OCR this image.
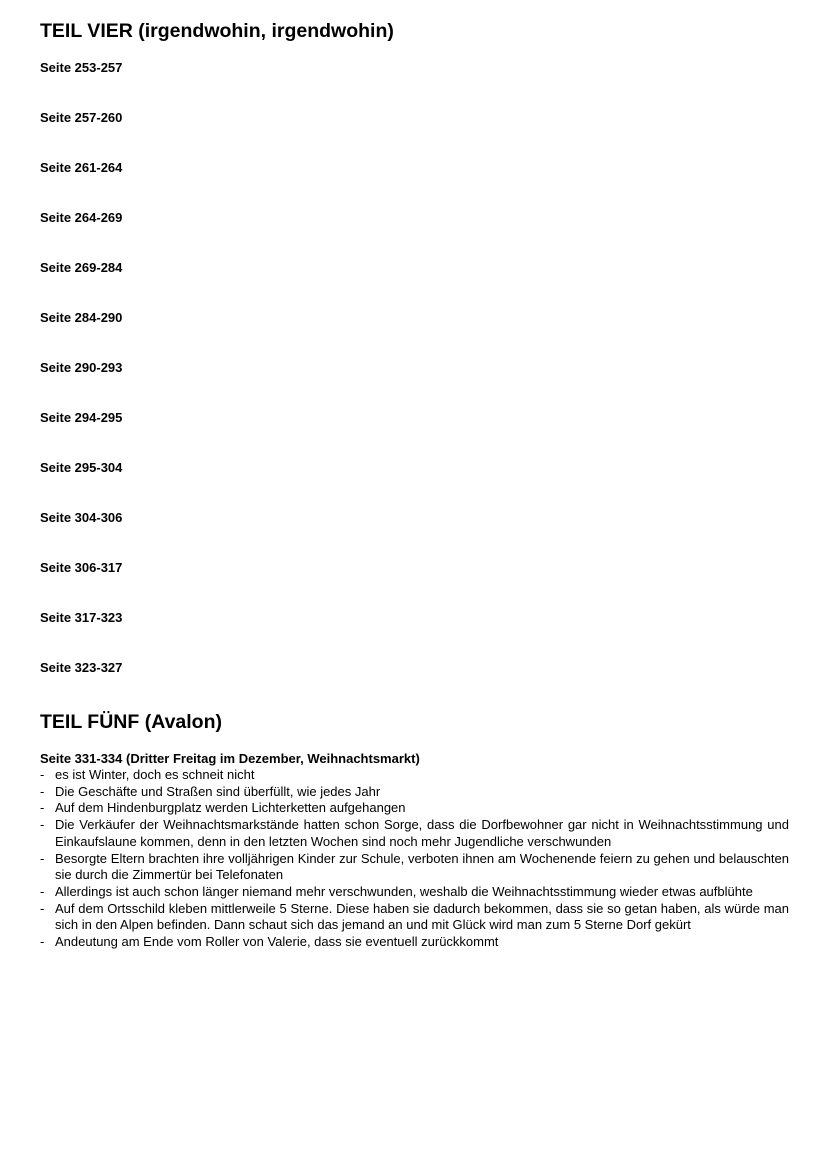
TEIL VIER (irgendwohin, irgendwohin)
Seite 253-257
Seite 257-260
Seite 261-264
Seite 264-269
Seite 269-284
Seite 284-290
Seite 290-293
Seite 294-295
Seite 295-304
Seite 304-306
Seite 306-317
Seite 317-323
Seite 323-327
TEIL FÜNF (Avalon)
Seite 331-334 (Dritter Freitag im Dezember, Weihnachtsmarkt)
- es ist Winter, doch es schneit nicht
- Die Geschäfte und Straßen sind überfüllt, wie jedes Jahr
- Auf dem Hindenburgplatz werden Lichterketten aufgehangen
- Die Verkäufer der Weihnachtsmarkstände hatten schon Sorge, dass die Dorfbewohner gar nicht in Weihnachtsstimmung und Einkaufslaune kommen, denn in den letzten Wochen sind noch mehr Jugendliche verschwunden
- Besorgte Eltern brachten ihre volljährigen Kinder zur Schule, verboten ihnen am Wochenende feiern zu gehen und belauschten sie durch die Zimmertür bei Telefonaten
- Allerdings ist auch schon länger niemand mehr verschwunden, weshalb die Weihnachtsstimmung wieder etwas aufblühte
- Auf dem Ortsschild kleben mittlerweile 5 Sterne. Diese haben sie dadurch bekommen, dass sie so getan haben, als würde man sich in den Alpen befinden. Dann schaut sich das jemand an und mit Glück wird man zum 5 Sterne Dorf gekürt
- Andeutung am Ende vom Roller von Valerie, dass sie eventuell zurückkommt
